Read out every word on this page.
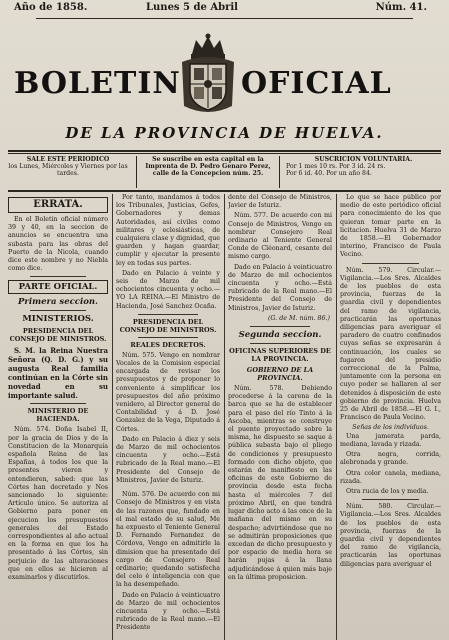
Año de 1858.	Lunes 5 de Abril	Núm. 41.
BOLETIN OFICIAL
DE LA PROVINCIA DE HUELVA.
SALE ESTE PERIÓDICO
los Lunes, Miércoles y Viernes por las tardes.
Se suscribe en esta capital en la Imprenta de D. Pedro Genaro Perez, calle de la Concepcion núm. 25.
SUSCRICION VOLUNTARIA.
Por 1 mes 10 rs. Por 3 id. 24 rs.
Por 6 id. 40. Por un año 84.
ERRATA.

En el Boletin oficial número 39 y 40, en la seccion de anuncios se encuentra una subasta para las obras del Puerto de la Nicola, cuando dice este nombre y no Niebla como dice.

PARTE OFICIAL.
Primera seccion.
MINISTERIOS.
PRESIDENCIA DEL CONSEJO DE MINISTROS.

S. M. la Reina Nuestra Señora (Q. D. G.) y su augusta Real familia continúan en la Córte sin novedad en su importante salud.

MINISTERIO DE HACIENDA.

Núm. 574. Doña Isabel II, por la gracia de Dios y de la Constitucion de la Monarquía española Reina de las Españas, á todos los que la presentes vieren y entendieren, sabed: que las Córtes han decretado y Nos sancionado lo siguiente: Artículo único. Se autoriza al Gobierno para poner en ejecucion los presupuestos generales del Estado correspondientes al año actual en la forma en que los ha presentado á las Córtes, sin perjuicio de las alteraciones que en ellos se hicieren al examinarlos y discutirlos.

Por tanto, mandamos á todos los Tribunales, Justicias, Gefes, Gobernadores y demas Autoridades, así civiles como militares y eclesiásticas, de cualquiera clase y dignidad, que guarden y hagan guardar, cumplir y ejecutar la presente ley en todas sus partes.

Dado en Palacio á veinte y seis de Marzo de mil ochocientos cincuenta y ocho.—YO LA REINA.—El Ministro de Hacienda, José Sanchez Ocaña.

PRESIDENCIA DEL CONSEJO DE MINISTROS.
REALES DECRETOS.

Núm. 575. Vengo en nombrar Vocales de la Comision especial encargada de revisar los presupuestos y de proponer lo conveniente á simplificar los presupuestos del año próximo venidero, al Director general de Contabilidad y á D. José Gonzalez de la Vega, Diputado á Córtes.

Dado en Palacio á diez y seis de Marzo de mil ochocientos cincuenta y ocho.—Está rubricado de la Real mano.—El Presidente del Consejo de Ministros, Javier de Isturiz.

Núm. 576. De acuerdo con mi Consejo de Ministros y en vista de las razones que, fundado en el mal estado de su salud, Me ha expuesto el Teniente General D. Fernando Fernandez de Córdova, Vengo en admitirle la dimision que ha presentado del cargo de Consejero Real ordinario; quedando satisfecha del celo é inteligencia con que la ha desempeñado.

Dado en Palacio á veinticuatro de Marzo de mil ochocientos cincuenta y ocho.—Está rubricado de la Real mano.—El Presidente

dente del Consejo de Ministros, Javier de Isturiz.

Núm. 577. De acuerdo con mi Consejo de Ministros, Vengo en nombrar Consejero Real ordinario al Teniente General Conde de Cléonard, cesante del mismo cargo.

Dado en Palacio á veinticuatro de Marzo de mil ochocientos cincuenta y ocho.—Está rubricado de la Real mano.—El Presidente del Consejo de Ministros, Javier de Isturiz.

(G. de M. núm. 86.)
Segunda seccion.
OFICINAS SUPERIORES DE LA PROVINCIA.
GOBIERNO DE LA PROVINCIA.

Núm. 578. Debiendo procederse á la carena de la barca que se ha de establecer para el paso del río Tinto á la Ascoba, mientras se construye el puente proyectado sobre la misma, he dispuesto se saque á pública subasta bajo el pliego de condiciones y presupuesto formado con dicho objeto, que estarán de manifiesto en las oficinas de este Gobierno de provincia desde esta fecha hasta el miércoles 7 del próximo Abril, en que tendrá lugar dicho acto á las once de la mañana del mismo en su despacho; advirtiéndose que no se admitirán proposiciones que excedan de dicho presupuesto y por espacio de media hora se harán pujas á la llana adjudicándose á quien más baje en la última proposicion.

Lo que se hace público por medio de este periódico oficial para conocimiento de los que quieran tomar parte en la licitacion. Huelva 31 de Marzo de 1858.—El Gobernador interino, Francisco de Paula Vecino.

Núm. 579. Circular.—Vigilancia.—Los Sres. Alcaldes de los pueblos de esta provincia, fuerzas de la guardia civil y dependientes del ramo de vigilancia, practicarán las oportunas diligencias para averiguar el paradero de cuatro confinados cuyas señas se expresarán á continuación, los cuales se fugaron del presidio correccional de la Palma, juntamente con la persona en cuyo poder se hallaren al ser detenidos á disposición de este gobierno de provincia. Huelva 25 de Abril de 1858.—El G. I., Francisco de Paula Vecino.

Señas de los individuos.

Una jamerata parda, mediana, lavada y rizada.

Otra negra, corrida, alebronada y grande.

Otra color canela, mediana, rizada.

Otra rucia de los y media.

Núm. 580. Circular.—Vigilancia.—Los Sres. Alcaldes de los pueblos de esta provincia, fuerzas de la guardia civil y dependientes del ramo de vigilancia, practicarán las oportunas diligencias para averiguar el
